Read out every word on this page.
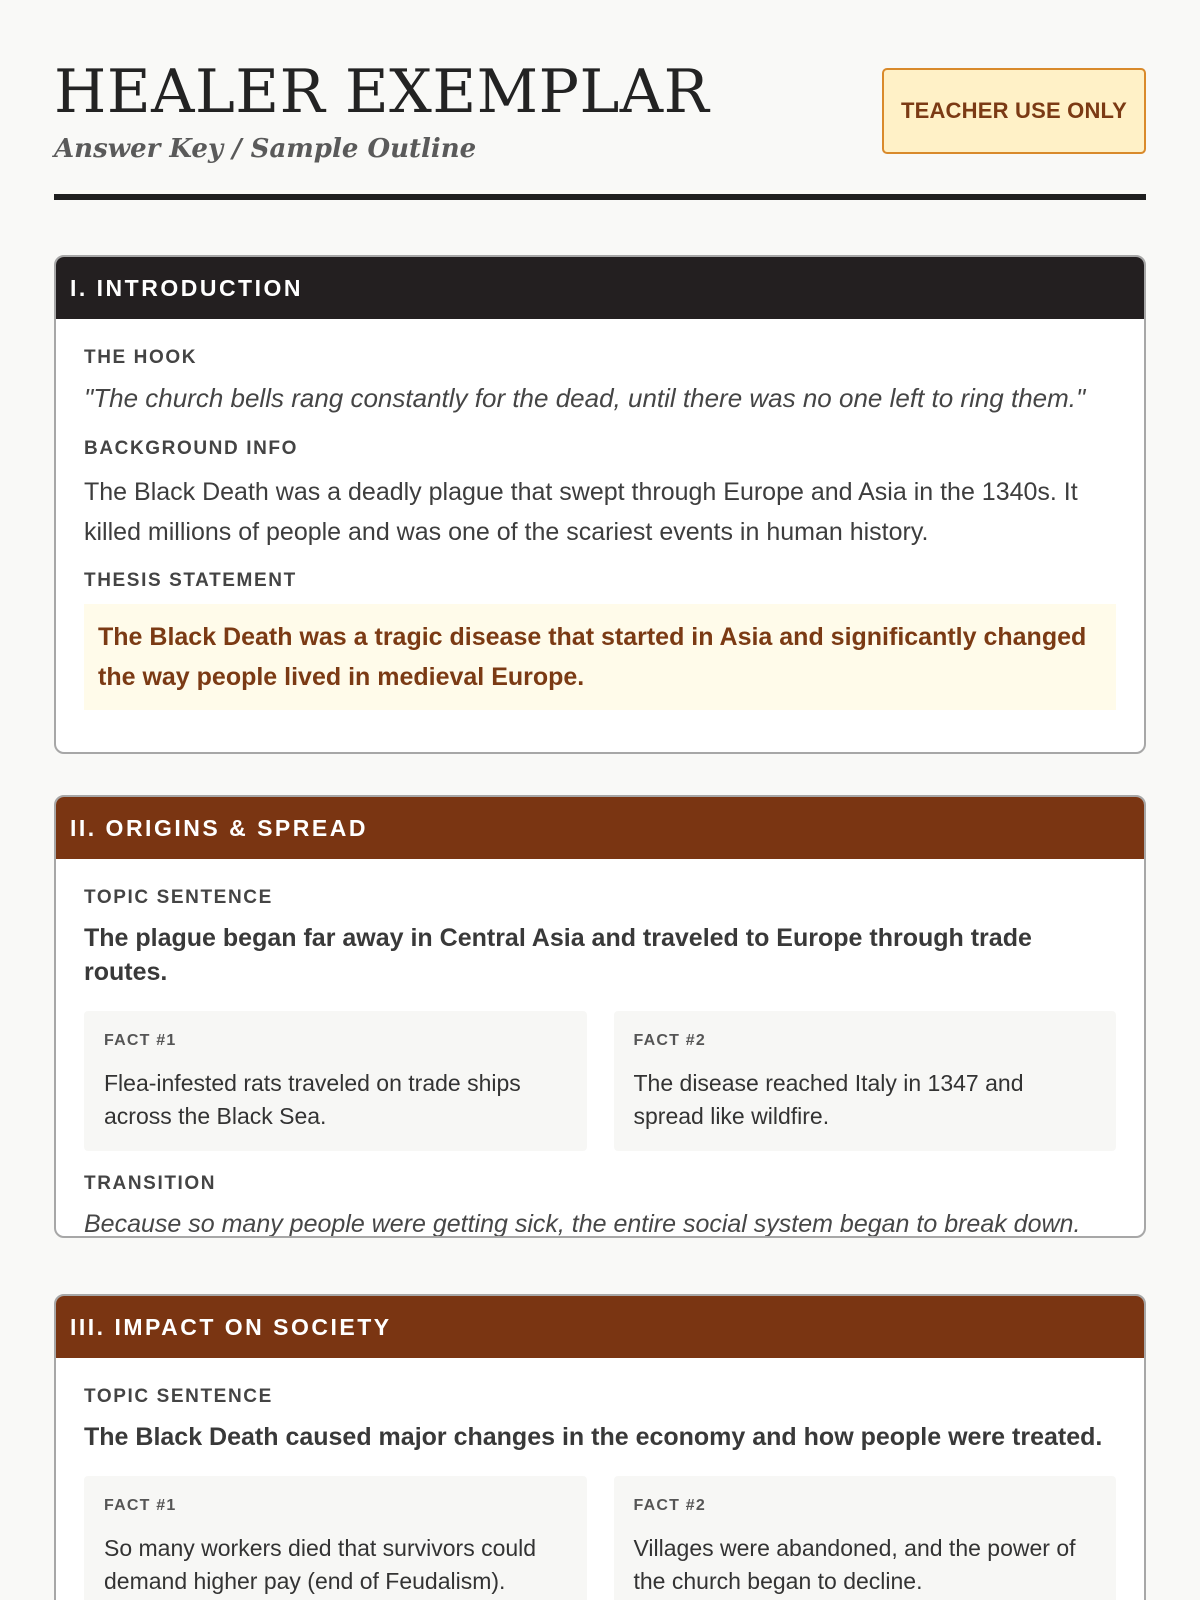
HEALER EXEMPLAR
Answer Key / Sample Outline
TEACHER USE ONLY
I. INTRODUCTION
THE HOOK

"The church bells rang constantly for the dead, until there was no one left to ring them."

BACKGROUND INFO

The Black Death was a deadly plague that swept through Europe and Asia in the 1340s. It killed millions of people and was one of the scariest events in human history.

THESIS STATEMENT

The Black Death was a tragic disease that started in Asia and significantly changed the way people lived in medieval Europe.

II. ORIGINS & SPREAD
TOPIC SENTENCE

The plague began far away in Central Asia and traveled to Europe through trade routes.

FACT #1
Flea-infested rats traveled on trade ships across the Black Sea.
FACT #2
The disease reached Italy in 1347 and spread like wildfire.
TRANSITION

Because so many people were getting sick, the entire social system began to break down.

III. IMPACT ON SOCIETY
TOPIC SENTENCE

The Black Death caused major changes in the economy and how people were treated.

FACT #1
So many workers died that survivors could demand higher pay (end of Feudalism).
FACT #2
Villages were abandoned, and the power of the church began to decline.
